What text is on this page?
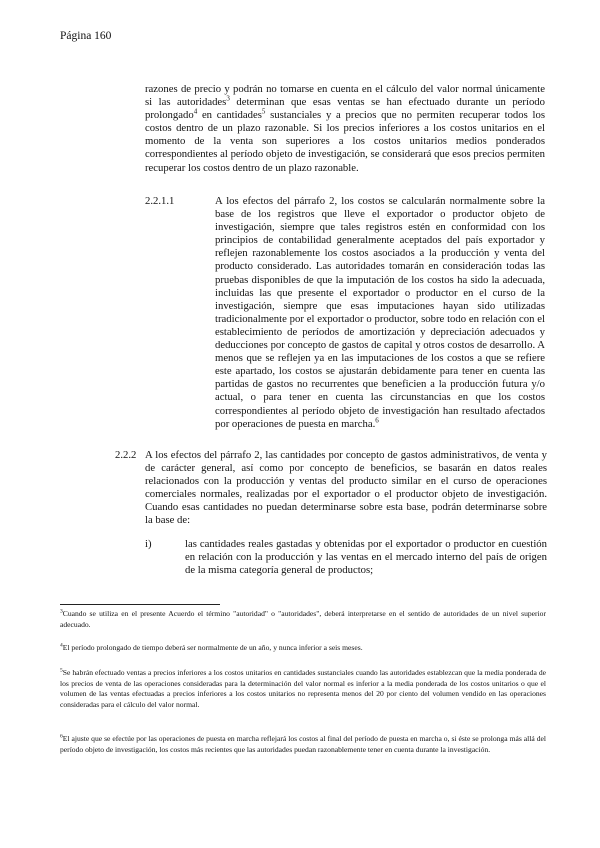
Página 160
razones de precio y podrán no tomarse en cuenta en el cálculo del valor normal únicamente si las autoridades$^3$ determinan que esas ventas se han efectuado durante un período prolongado$^4$ en cantidades$^5$ sustanciales y a precios que no permiten recuperar todos los costos dentro de un plazo razonable. Si los precios inferiores a los costos unitarios en el momento de la venta son superiores a los costos unitarios medios ponderados correspondientes al período objeto de investigación, se considerará que esos precios permiten recuperar los costos dentro de un plazo razonable.
2.2.1.1	A los efectos del párrafo 2, los costos se calcularán normalmente sobre la base de los registros que lleve el exportador o productor objeto de investigación, siempre que tales registros estén en conformidad con los principios de contabilidad generalmente aceptados del país exportador y reflejen razonablemente los costos asociados a la producción y venta del producto considerado. Las autoridades tomarán en consideración todas las pruebas disponibles de que la imputación de los costos ha sido la adecuada, incluidas las que presente el exportador o productor en el curso de la investigación, siempre que esas imputaciones hayan sido utilizadas tradicionalmente por el exportador o productor, sobre todo en relación con el establecimiento de períodos de amortización y depreciación adecuados y deducciones por concepto de gastos de capital y otros costos de desarrollo. A menos que se reflejen ya en las imputaciones de los costos a que se refiere este apartado, los costos se ajustarán debidamente para tener en cuenta las partidas de gastos no recurrentes que beneficien a la producción futura y/o actual, o para tener en cuenta las circunstancias en que los costos correspondientes al período objeto de investigación han resultado afectados por operaciones de puesta en marcha.$^6$
2.2.2 A los efectos del párrafo 2, las cantidades por concepto de gastos administrativos, de venta y de carácter general, así como por concepto de beneficios, se basarán en datos reales relacionados con la producción y ventas del producto similar en el curso de operaciones comerciales normales, realizadas por el exportador o el productor objeto de investigación. Cuando esas cantidades no puedan determinarse sobre esta base, podrán determinarse sobre la base de:
i)	las cantidades reales gastadas y obtenidas por el exportador o productor en cuestión en relación con la producción y las ventas en el mercado interno del país de origen de la misma categoría general de productos;
$^3$Cuando se utiliza en el presente Acuerdo el término "autoridad" o "autoridades", deberá interpretarse en el sentido de autoridades de un nivel superior adecuado.
$^4$El período prolongado de tiempo deberá ser normalmente de un año, y nunca inferior a seis meses.
$^5$Se habrán efectuado ventas a precios inferiores a los costos unitarios en cantidades sustanciales cuando las autoridades establezcan que la media ponderada de los precios de venta de las operaciones consideradas para la determinación del valor normal es inferior a la media ponderada de los costos unitarios o que el volumen de las ventas efectuadas a precios inferiores a los costos unitarios no representa menos del 20 por ciento del volumen vendido en las operaciones consideradas para el cálculo del valor normal.
$^6$El ajuste que se efectúe por las operaciones de puesta en marcha reflejará los costos al final del período de puesta en marcha o, si éste se prolonga más allá del período objeto de investigación, los costos más recientes que las autoridades puedan razonablemente tener en cuenta durante la investigación.
